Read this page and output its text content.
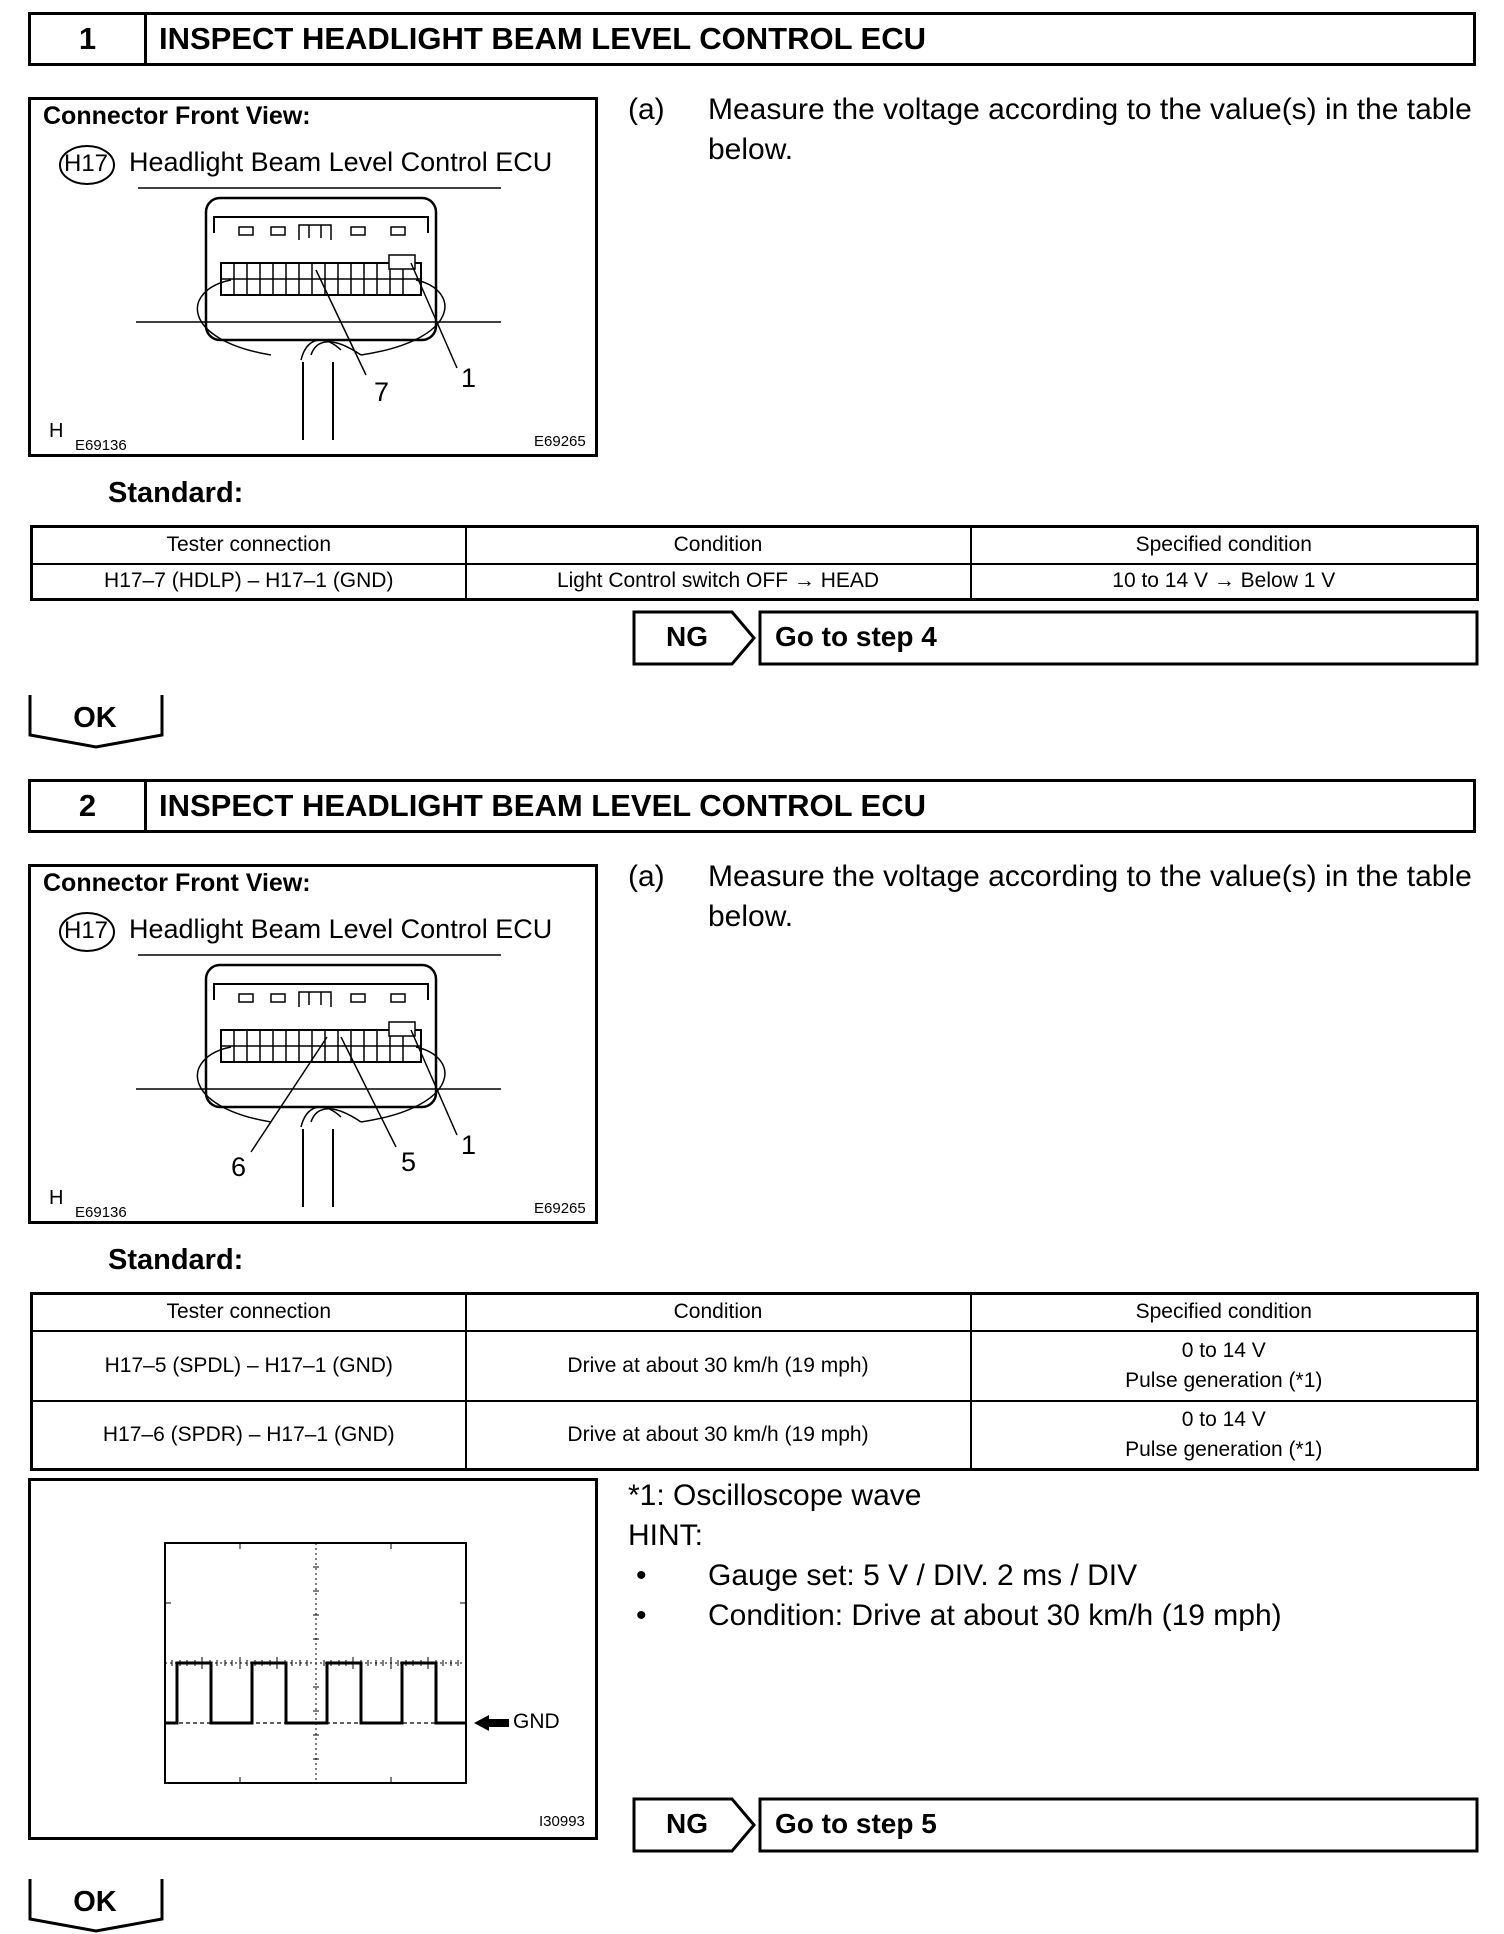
1	INSPECT HEADLIGHT BEAM LEVEL CONTROL ECU
Connector Front View:
H17 Headlight Beam Level Control ECU
7	1
H
E69136	E69265
(a) Measure the voltage according to the value(s) in the table below.
Standard:
Tester connection	Condition	Specified condition
H17–7 (HDLP) – H17–1 (GND)	Light Control switch OFF → HEAD	10 to 14 V → Below 1 V
NG Go to step 4
OK
2	INSPECT HEADLIGHT BEAM LEVEL CONTROL ECU
Connector Front View:
H17 Headlight Beam Level Control ECU
6	5
1
H
E69136	E69265
(a) Measure the voltage according to the value(s) in the table below.
Standard:
Tester connection	Condition	Specified condition
H17–5 (SPDL) – H17–1 (GND)	Drive at about 30 km/h (19 mph)	0 to 14 V
Pulse generation (*1)

H17–6 (SPDR) – H17–1 (GND)	Drive at about 30 km/h (19 mph)	0 to 14 V
Pulse generation (*1)
GND
I30993
*1: Oscilloscope wave
HINT:
• Gauge set: 5 V / DIV. 2 ms / DIV
• Condition: Drive at about 30 km/h (19 mph)
NG Go to step 5
OK
